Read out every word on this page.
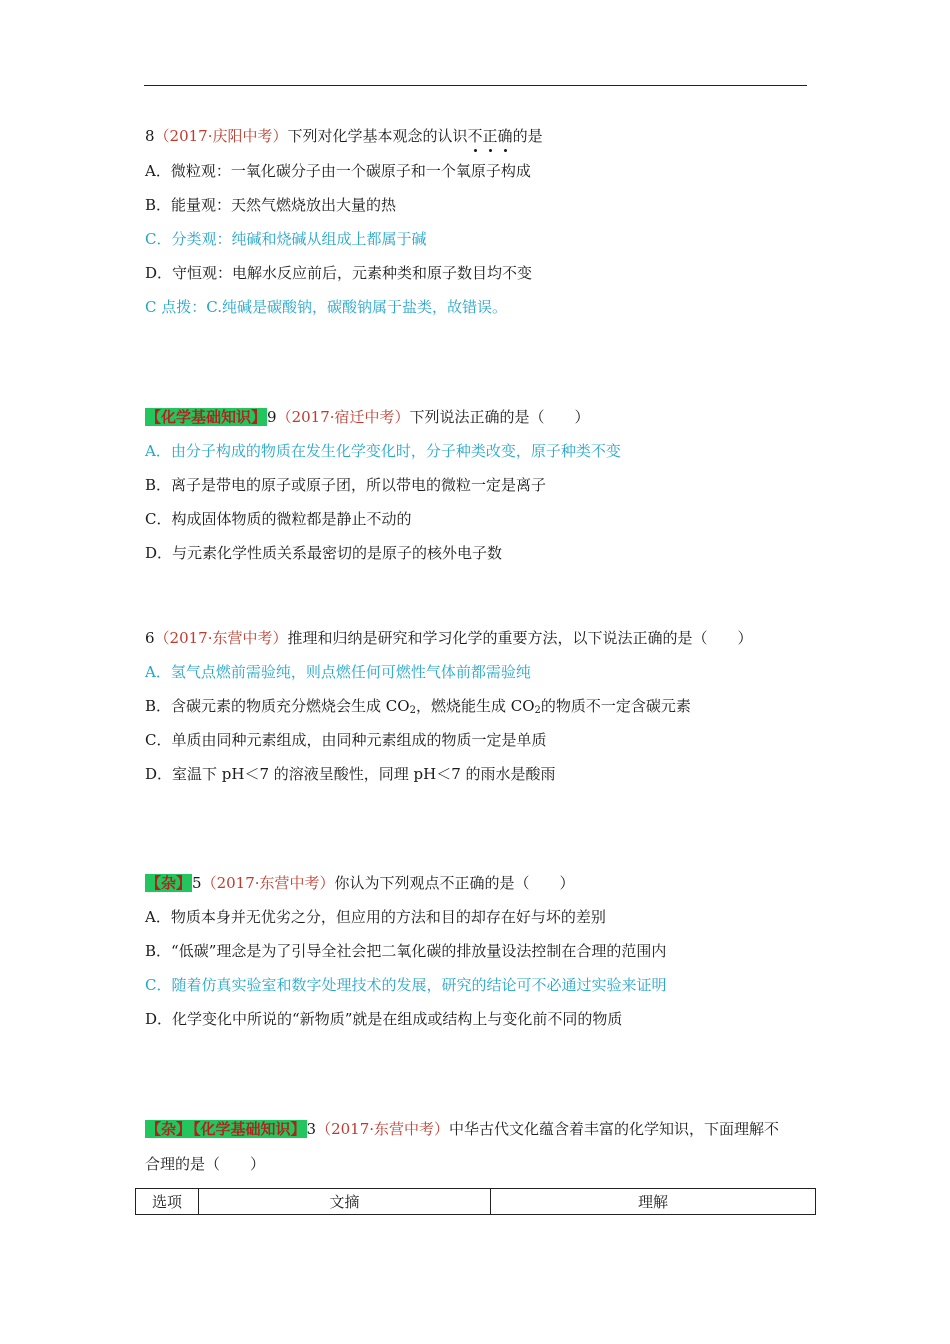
8（2017·庆阳中考）下列对化学基本观念的认识不正确的是
A．微粒观：一氧化碳分子由一个碳原子和一个氧原子构成
B．能量观：天然气燃烧放出大量的热
C．分类观：纯碱和烧碱从组成上都属于碱
D．守恒观：电解水反应前后，元素种类和原子数目均不变
C 点拨：C.纯碱是碳酸钠，碳酸钠属于盐类，故错误。
【化学基础知识】9（2017·宿迁中考）下列说法正确的是（　　）
A．由分子构成的物质在发生化学变化时，分子种类改变，原子种类不变
B．离子是带电的原子或原子团，所以带电的微粒一定是离子
C．构成固体物质的微粒都是静止不动的
D．与元素化学性质关系最密切的是原子的核外电子数
6（2017·东营中考）推理和归纳是研究和学习化学的重要方法，以下说法正确的是（　　）
A．氢气点燃前需验纯，则点燃任何可燃性气体前都需验纯
B．含碳元素的物质充分燃烧会生成 $CO_2$，燃烧能生成 $CO_2$的物质不一定含碳元素
C．单质由同种元素组成，由同种元素组成的物质一定是单质
D．室温下 pH＜7 的溶液呈酸性，同理 pH＜7 的雨水是酸雨
【杂】5（2017·东营中考）你认为下列观点不正确的是（　　）
A．物质本身并无优劣之分，但应用的方法和目的却存在好与坏的差别
B．“低碳”理念是为了引导全社会把二氧化碳的排放量设法控制在合理的范围内
C．随着仿真实验室和数字处理技术的发展，研究的结论可不必通过实验来证明
D．化学变化中所说的“新物质”就是在组成或结构上与变化前不同的物质
【杂】 【化学基础知识】3（2017·东营中考）中华古代文化蕴含着丰富的化学知识，下面理解不
合理的是（　　）
选项	文摘	理解
